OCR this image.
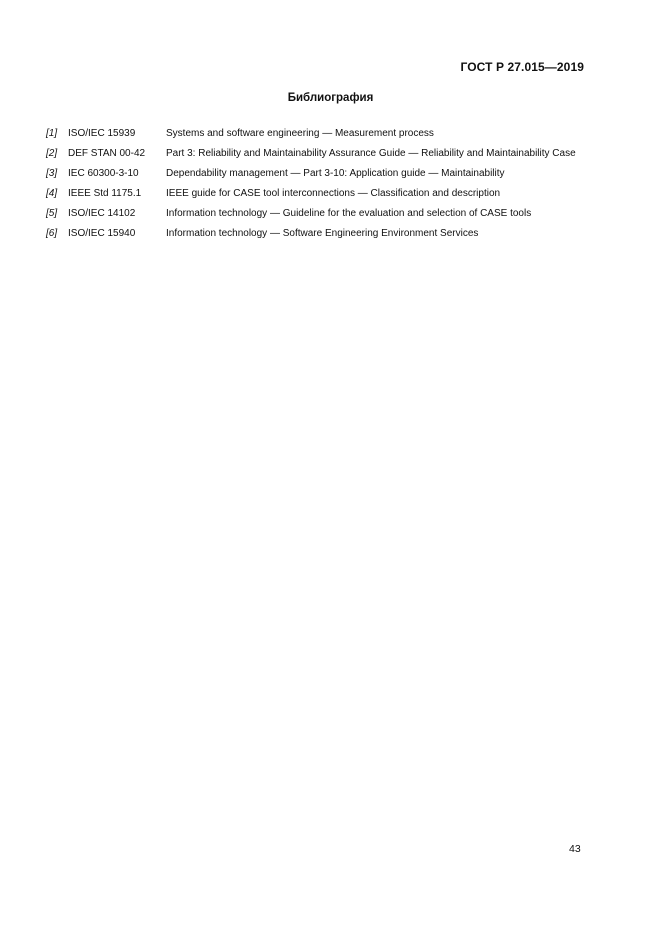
ГОСТ Р 27.015—2019
Библиография
[1]	ISO/IEC 15939	Systems and software engineering — Measurement process
[2]	DEF STAN 00-42	Part 3: Reliability and Maintainability Assurance Guide — Reliability and Maintainability Case
[3]	IEC 60300-3-10	Dependability management — Part 3-10: Application guide — Maintainability
[4]	IEEE Std 1175.1	IEEE guide for CASE tool interconnections — Classification and description
[5]	ISO/IEC 14102	Information technology — Guideline for the evaluation and selection of CASE tools
[6]	ISO/IEC 15940	Information technology — Software Engineering Environment Services
43
